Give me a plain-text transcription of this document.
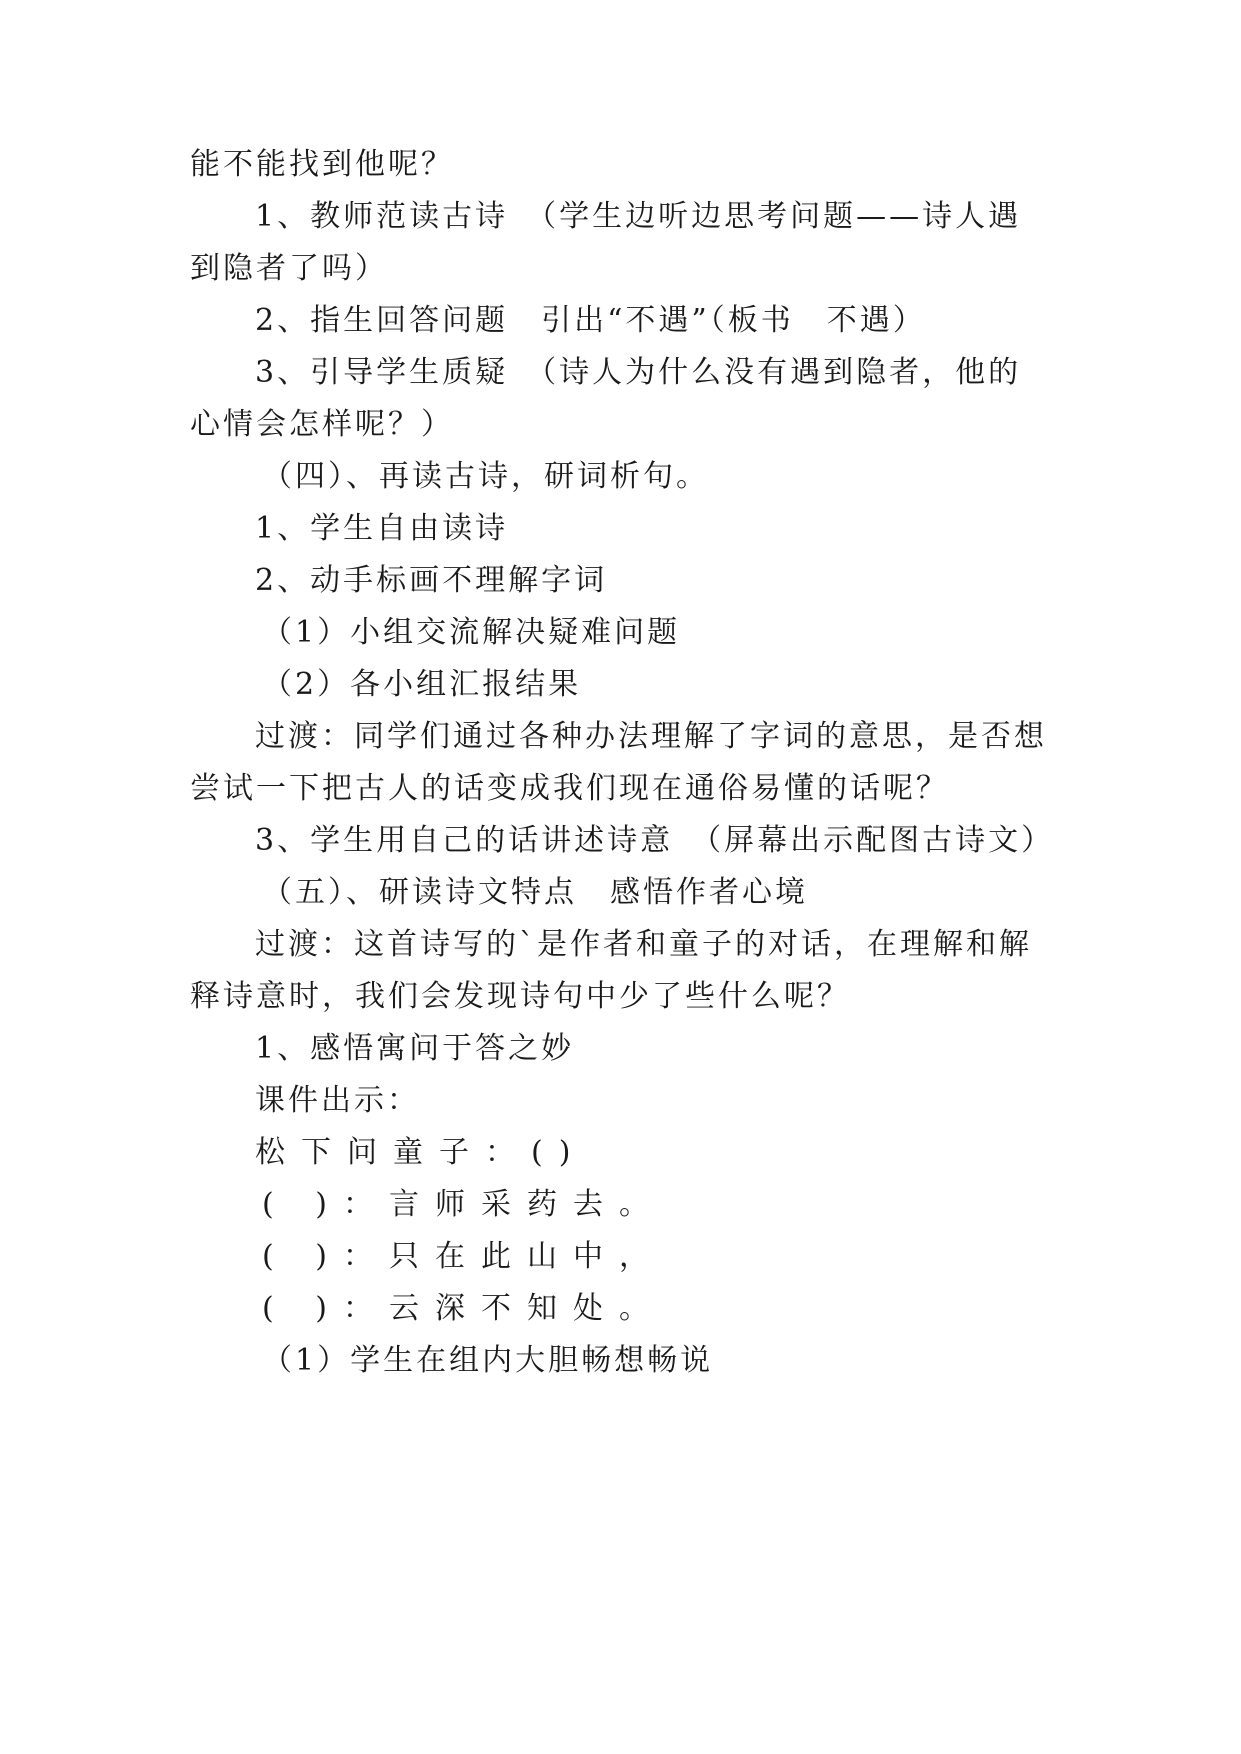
能不能找到他呢？
1、教师范读古诗　（学生边听边思考问题——诗人遇
到隐者了吗）
2、指生回答问题　引出“不遇”（板书　不遇）
3、引导学生质疑　（诗人为什么没有遇到隐者，他的
心情会怎样呢？）
（四）、再读古诗，研词析句。
1、学生自由读诗
2、动手标画不理解字词
（1）小组交流解决疑难问题
（2）各小组汇报结果
过渡：同学们通过各种办法理解了字词的意思，是否想
尝试一下把古人的话变成我们现在通俗易懂的话呢？
3、学生用自己的话讲述诗意　（屏幕出示配图古诗文）
（五）、研读诗文特点　感悟作者心境
过渡：这首诗写的`是作者和童子的对话，在理解和解
释诗意时，我们会发现诗句中少了些什么呢？
1、感悟寓问于答之妙
课件出示：
松下问童子：()
( )：言师采药去。
( )：只在此山中，
( )：云深不知处。
（1）学生在组内大胆畅想畅说
